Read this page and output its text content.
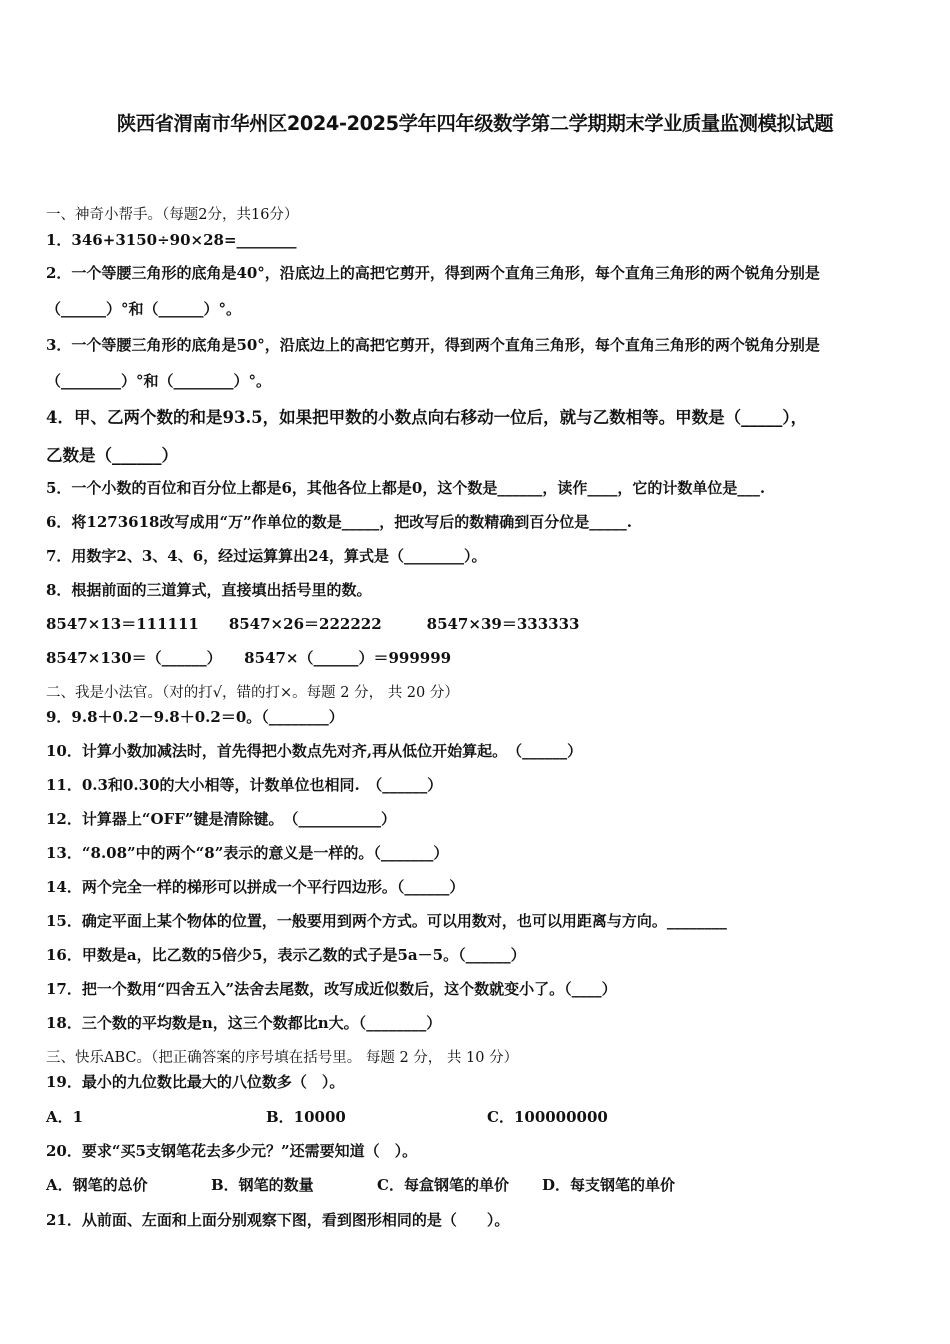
陕西省渭南市华州区2024-2025学年四年级数学第二学期期末学业质量监测模拟试题
一、神奇小帮手。（每题2分，共16分）
1．346+3150÷90×28=________
2．一个等腰三角形的底角是40°，沿底边上的高把它剪开，得到两个直角三角形，每个直角三角形的两个锐角分别是
（______）°和（______）°。
3．一个等腰三角形的底角是50°，沿底边上的高把它剪开，得到两个直角三角形，每个直角三角形的两个锐角分别是
（________）°和（________）°。
4．甲、乙两个数的和是93.5，如果把甲数的小数点向右移动一位后，就与乙数相等。甲数是（_____），
乙数是（______）
5．一个小数的百位和百分位上都是6，其他各位上都是0，这个数是______，读作____，它的计数单位是___.
6．将1273618改写成用“万”作单位的数是_____，把改写后的数精确到百分位是_____.
7．用数字2、3、4、6，经过运算算出24，算式是（________）。
8．根据前面的三道算式，直接填出括号里的数。
8547×13＝111111　　8547×26＝222222　　　8547×39＝333333
8547×130＝（______）　　8547×（______）＝999999
二、我是小法官。（对的打√，错的打×。每题 2 分， 共 20 分）
9．9.8＋0.2－9.8＋0.2＝0。（________）
10．计算小数加减法时，首先得把小数点先对齐,再从低位开始算起。　（______）
11．0.3和0.30的大小相等，计数单位也相同.　（______）
12．计算器上“OFF”键是清除键。　（___________）
13．“8.08”中的两个“8”表示的意义是一样的。（_______）
14．两个完全一样的梯形可以拼成一个平行四边形。（______）
15．确定平面上某个物体的位置，一般要用到两个方式。可以用数对，也可以用距离与方向。________
16．甲数是a，比乙数的5倍少5，表示乙数的式子是5a－5。（______）
17．把一个数用“四舍五入”法舍去尾数，改写成近似数后，这个数就变小了。（____）
18．三个数的平均数是n，这三个数都比n大。（________）
三、快乐ABC。（把正确答案的序号填在括号里。 每题 2 分， 共 10 分）
19．最小的九位数比最大的八位数多（　）。
A．1	B．10000	C．100000000
20．要求“买5支钢笔花去多少元？”还需要知道（　）。
A．钢笔的总价	B．钢笔的数量	C．每盒钢笔的单价 D．每支钢笔的单价
21．从前面、左面和上面分别观察下图，看到图形相同的是（　　）。
